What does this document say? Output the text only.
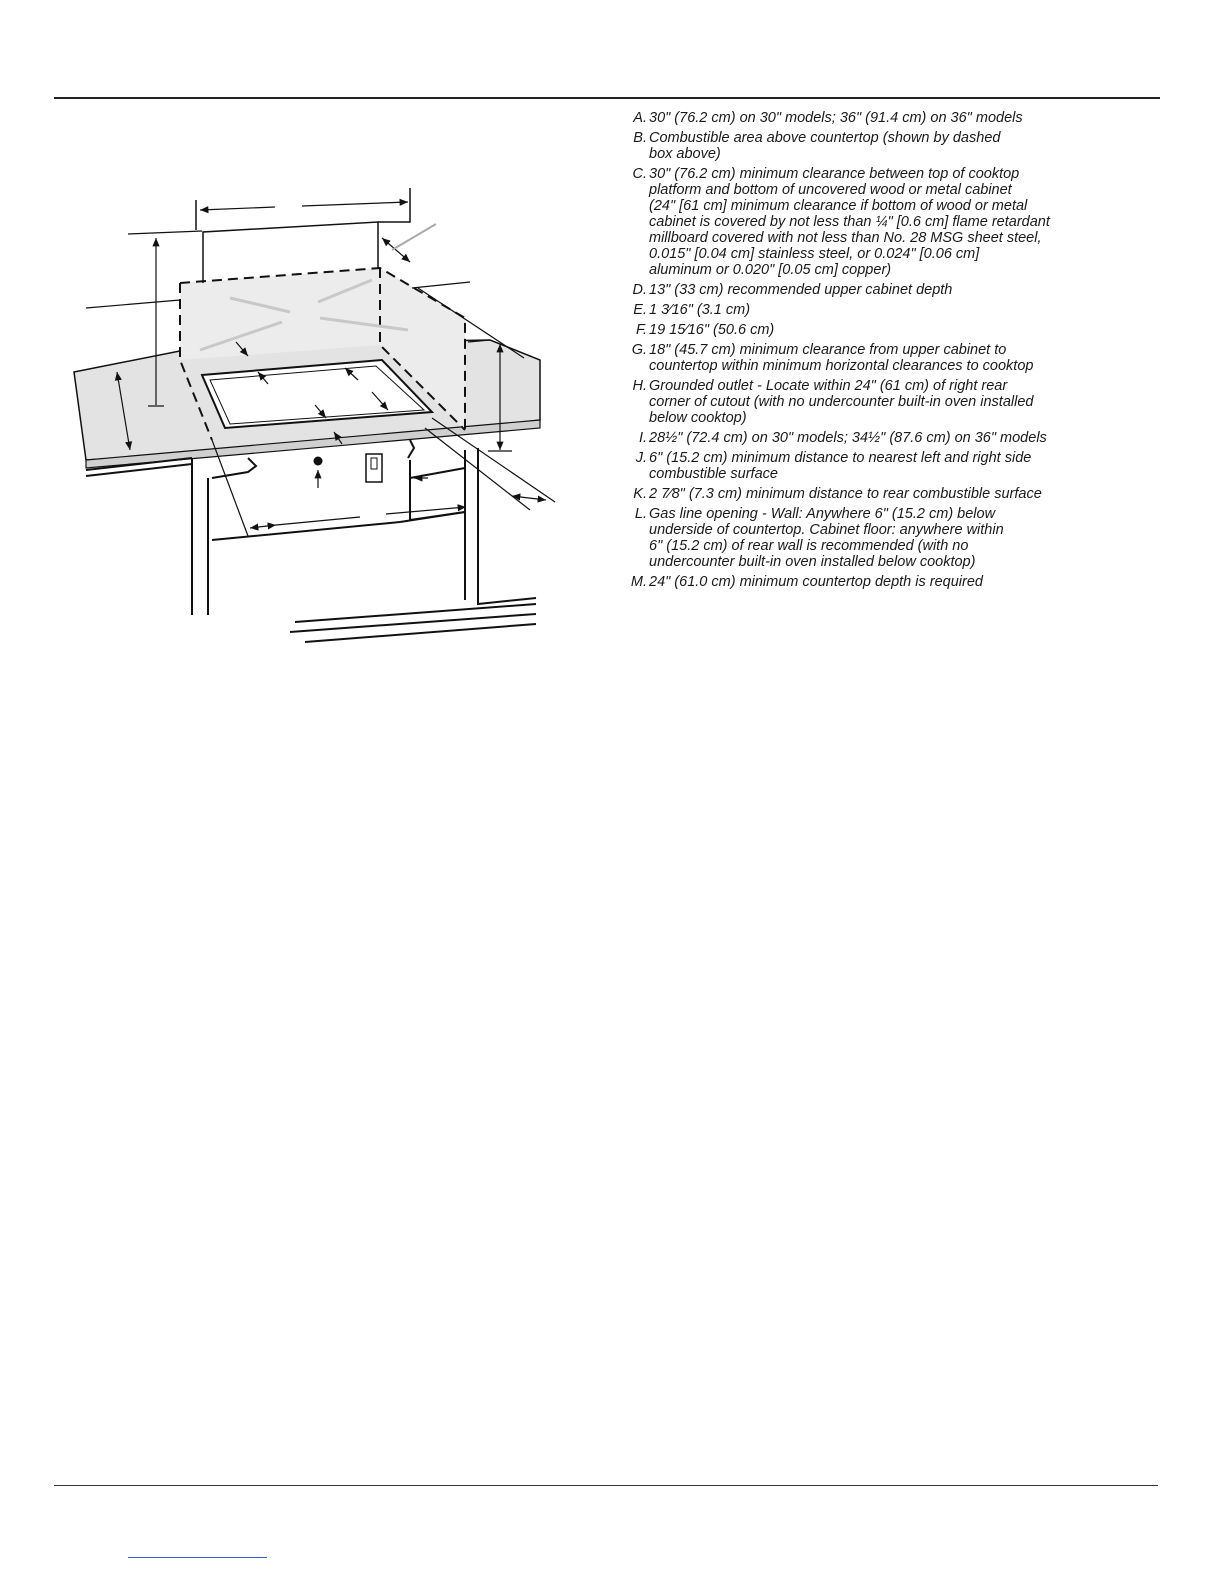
A. 30" (76.2 cm) on 30" models; 36" (91.4 cm) on 36" models
B. Combustible area above countertop (shown by dashed
box above)
C. 30" (76.2 cm) minimum clearance between top of cooktop
platform and bottom of uncovered wood or metal cabinet
(24" [61 cm] minimum clearance if bottom of wood or metal
cabinet is covered by not less than ¼" [0.6 cm] flame retardant
millboard covered with not less than No. 28 MSG sheet steel,
0.015" [0.04 cm] stainless steel, or 0.024" [0.06 cm]
aluminum or 0.020" [0.05 cm] copper)
D. 13" (33 cm) recommended upper cabinet depth
E. 1 3⁄16" (3.1 cm)
F. 19 15⁄16" (50.6 cm)
G. 18" (45.7 cm) minimum clearance from upper cabinet to
countertop within minimum horizontal clearances to cooktop
H. Grounded outlet - Locate within 24" (61 cm) of right rear
corner of cutout (with no undercounter built-in oven installed
below cooktop)
I. 28½" (72.4 cm) on 30" models; 34½" (87.6 cm) on 36" models
J. 6" (15.2 cm) minimum distance to nearest left and right side
combustible surface
K. 2 7⁄8" (7.3 cm) minimum distance to rear combustible surface
L. Gas line opening - Wall: Anywhere 6" (15.2 cm) below
underside of countertop. Cabinet floor: anywhere within
6" (15.2 cm) of rear wall is recommended (with no
undercounter built-in oven installed below cooktop)
M. 24" (61.0 cm) minimum countertop depth is required
